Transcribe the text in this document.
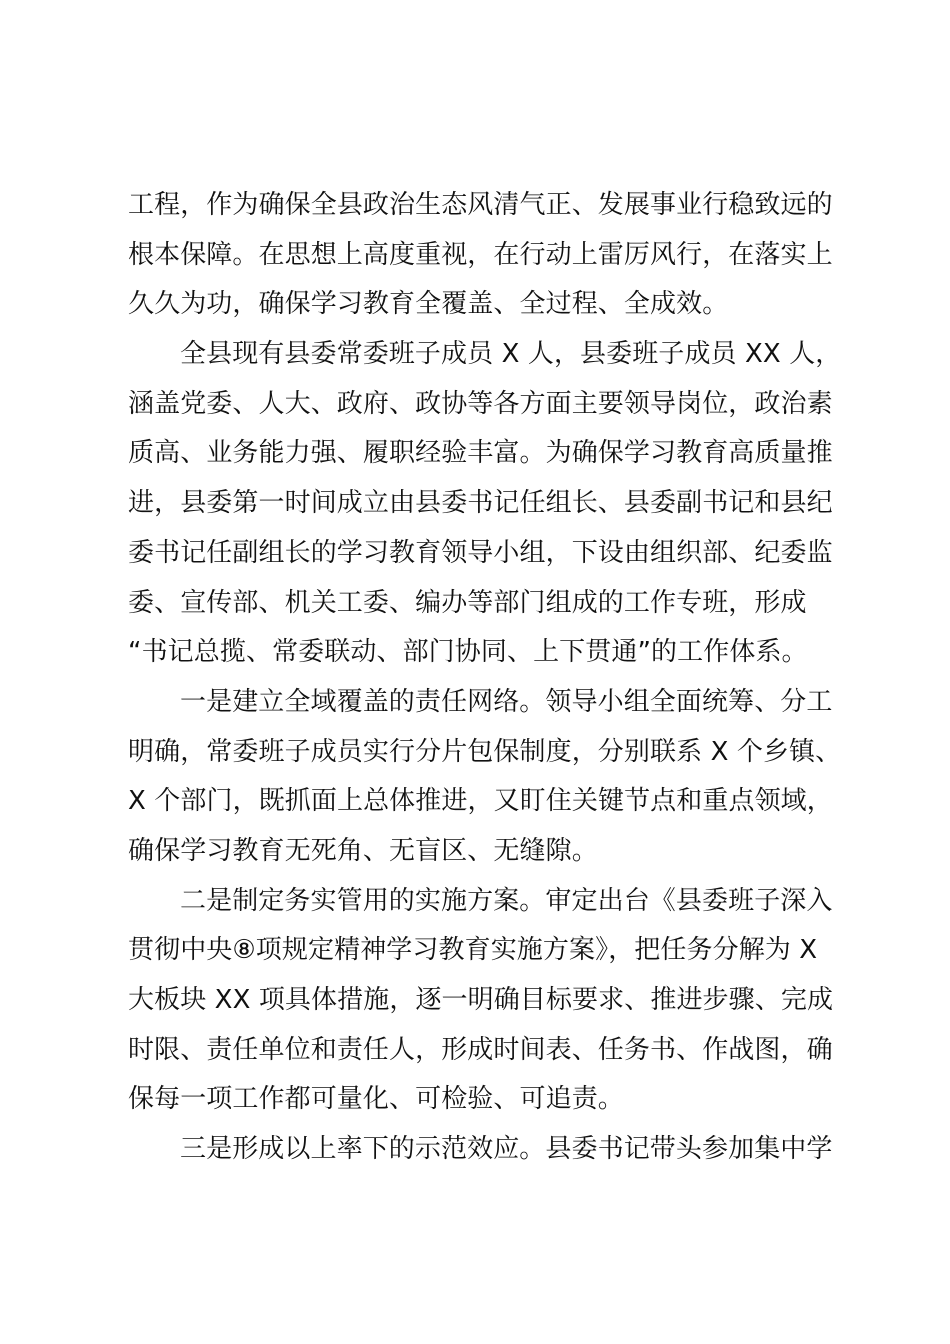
工程，作为确保全县政治生态风清气正、发展事业行稳致远的
根本保障。在思想上高度重视，在行动上雷厉风行，在落实上
久久为功，确保学习教育全覆盖、全过程、全成效。
全县现有县委常委班子成员 X 人，县委班子成员 XX 人，
涵盖党委、人大、政府、政协等各方面主要领导岗位，政治素
质高、业务能力强、履职经验丰富。为确保学习教育高质量推
进，县委第一时间成立由县委书记任组长、县委副书记和县纪
委书记任副组长的学习教育领导小组，下设由组织部、纪委监
委、宣传部、机关工委、编办等部门组成的工作专班，形成
“书记总揽、常委联动、部门协同、上下贯通”的工作体系。
一是建立全域覆盖的责任网络。领导小组全面统筹、分工
明确，常委班子成员实行分片包保制度，分别联系 X 个乡镇、
X 个部门，既抓面上总体推进，又盯住关键节点和重点领域，
确保学习教育无死角、无盲区、无缝隙。
二是制定务实管用的实施方案。审定出台《县委班子深入
贯彻中央⑧项规定精神学习教育实施方案》，把任务分解为 X
大板块 XX 项具体措施，逐一明确目标要求、推进步骤、完成
时限、责任单位和责任人，形成时间表、任务书、作战图，确
保每一项工作都可量化、可检验、可追责。
三是形成以上率下的示范效应。县委书记带头参加集中学
